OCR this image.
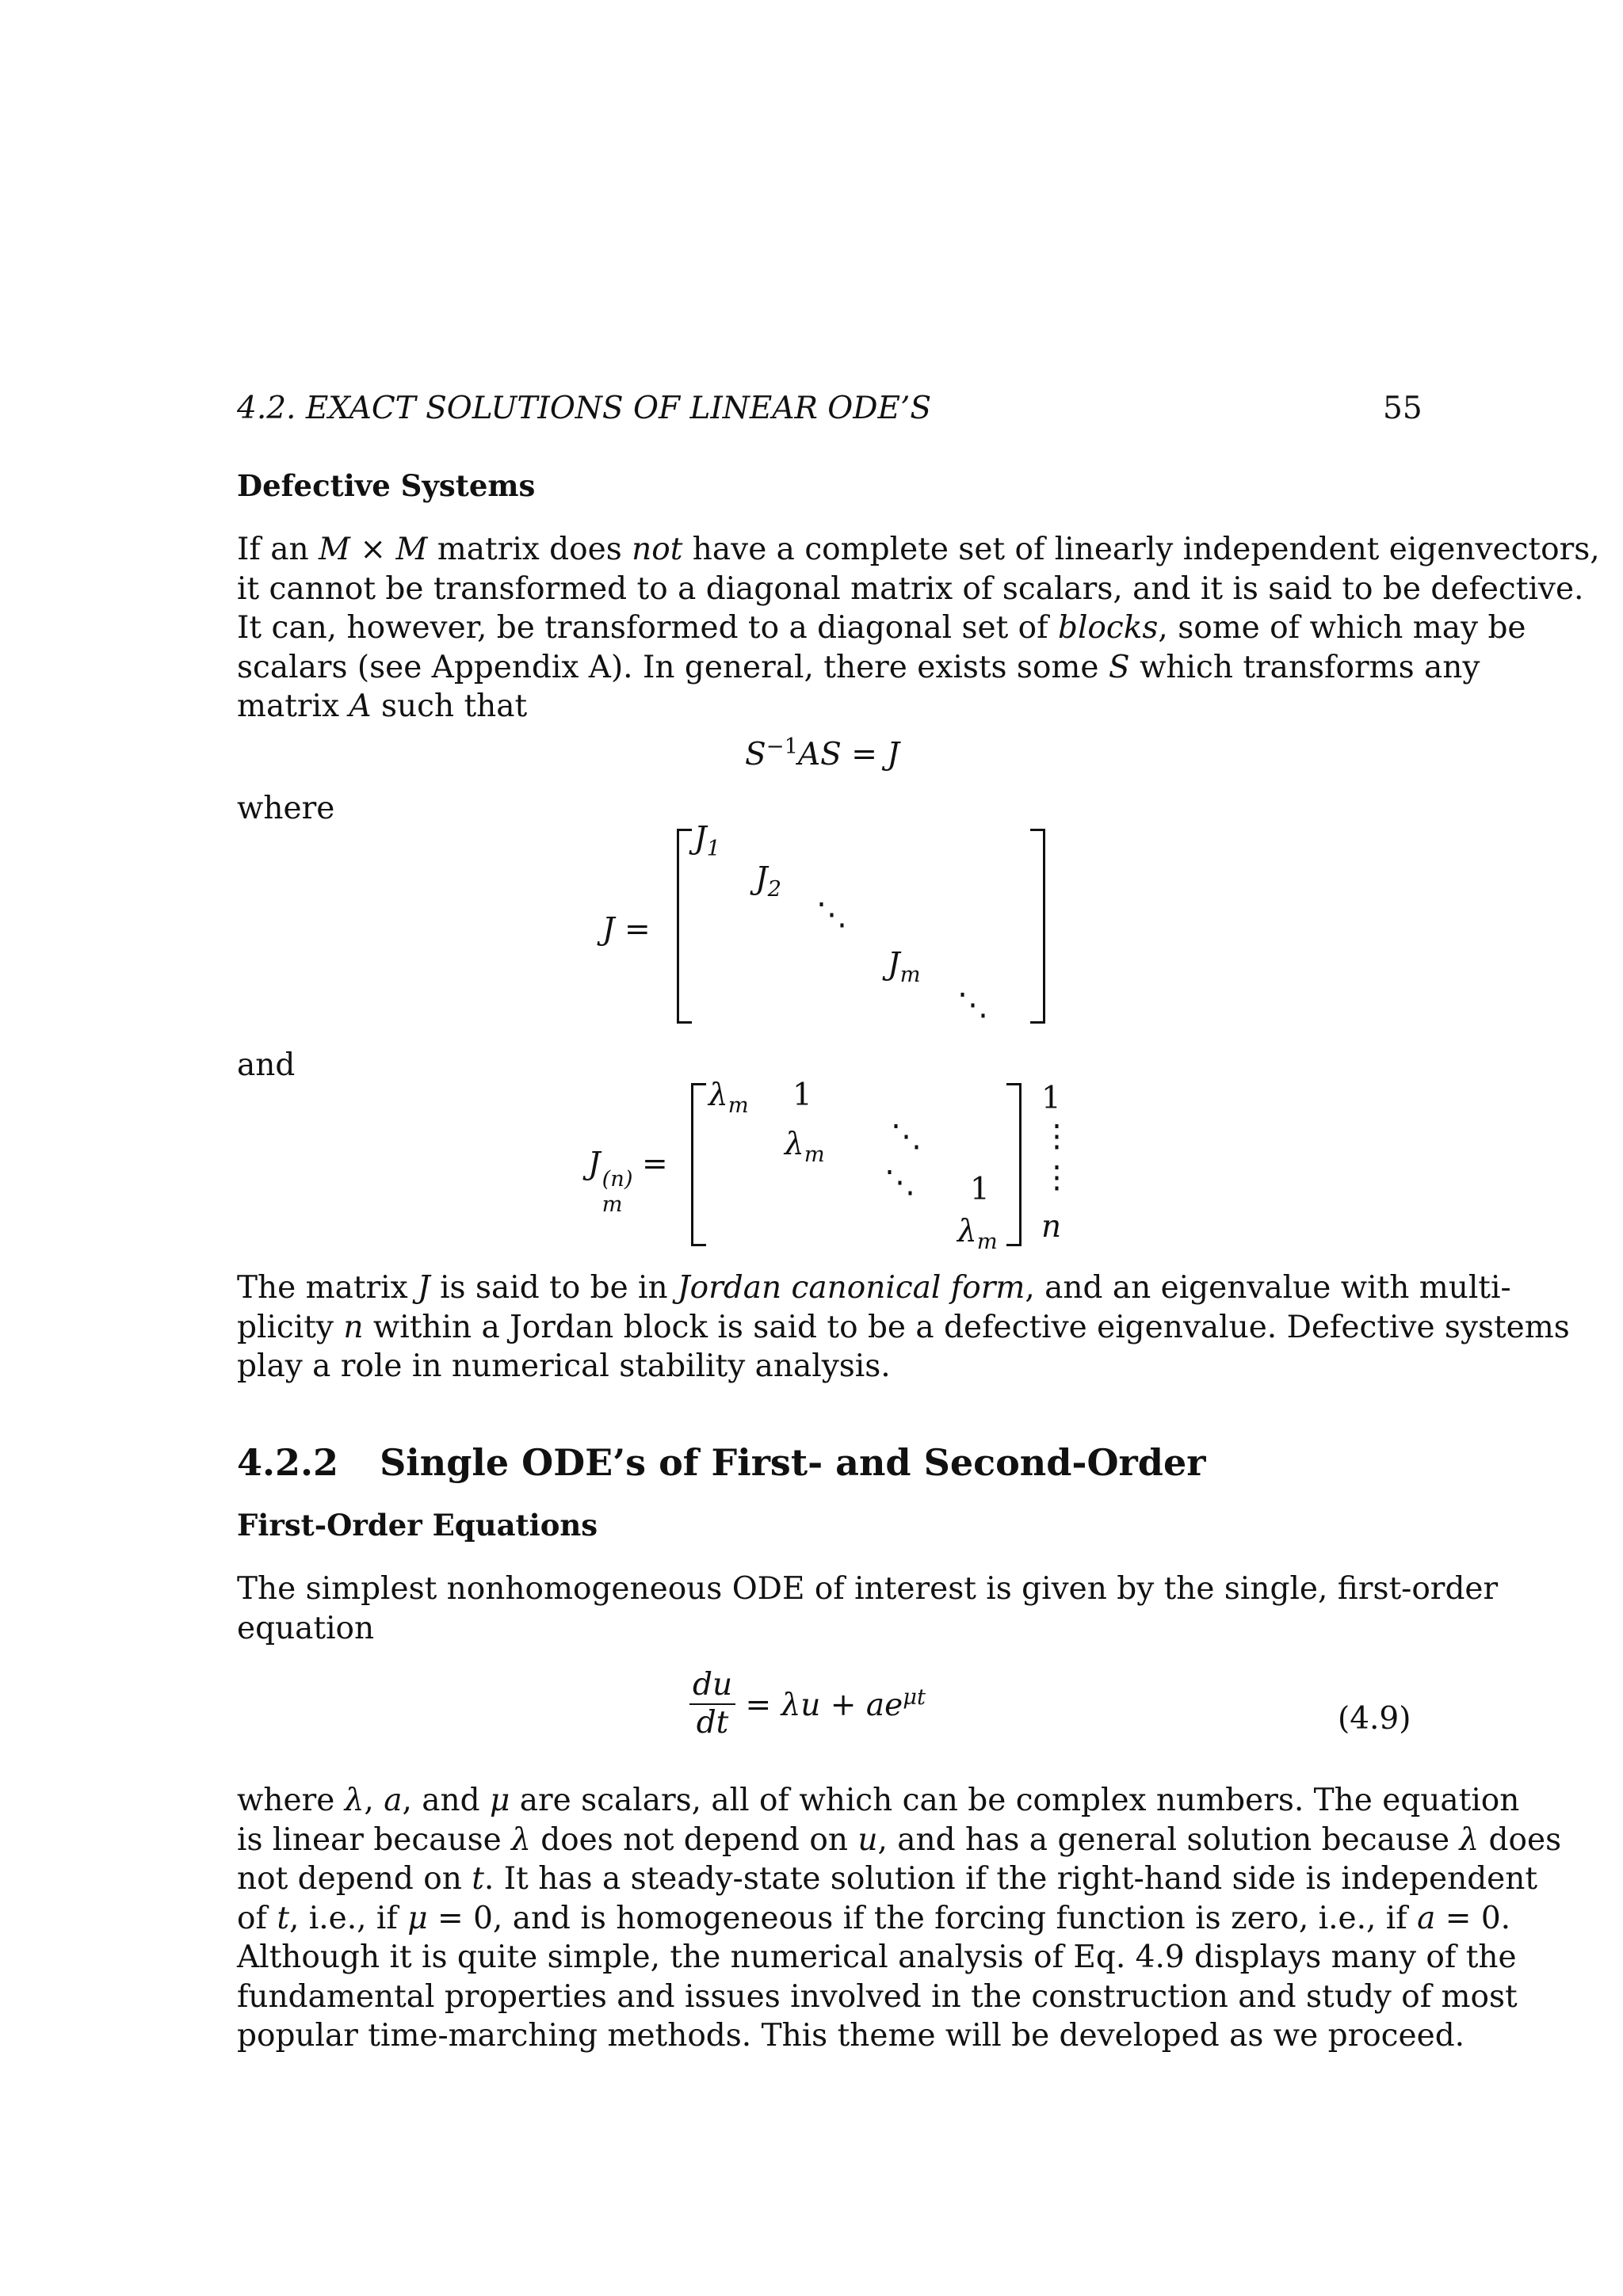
4.2. EXACT SOLUTIONS OF LINEAR ODE’S	55
Defective Systems
If an M × M matrix does not have a complete set of linearly independent eigenvectors,
it cannot be transformed to a diagonal matrix of scalars, and it is said to be defective.
It can, however, be transformed to a diagonal set of blocks, some of which may be
scalars (see Appendix A). In general, there exists some S which transforms any
matrix A such that
$S^{-1}AS = J$
where
J =
$J_1$
$J_2$
⋱
$J_m$
⋱
and
J (n)
m
=
$\lambda_m$ 1
$\lambda_m$
⋱
⋱ 1
$\lambda_m$
1
⋮
⋮
n
The matrix J is said to be in Jordan canonical form, and an eigenvalue with multi-
plicity n within a Jordan block is said to be a defective eigenvalue. Defective systems
play a role in numerical stability analysis.
4.2.2 Single ODE’s of First- and Second-Order
First-Order Equations
The simplest nonhomogeneous ODE of interest is given by the single, first-order
equation
$\frac{du}{dt} = \lambda u + ae^{\mu t}$
(4.9)
where λ, a, and μ are scalars, all of which can be complex numbers. The equation
is linear because λ does not depend on u, and has a general solution because λ does
not depend on t. It has a steady-state solution if the right-hand side is independent
of t, i.e., if μ = 0, and is homogeneous if the forcing function is zero, i.e., if a = 0.
Although it is quite simple, the numerical analysis of Eq. 4.9 displays many of the
fundamental properties and issues involved in the construction and study of most
popular time-marching methods. This theme will be developed as we proceed.
